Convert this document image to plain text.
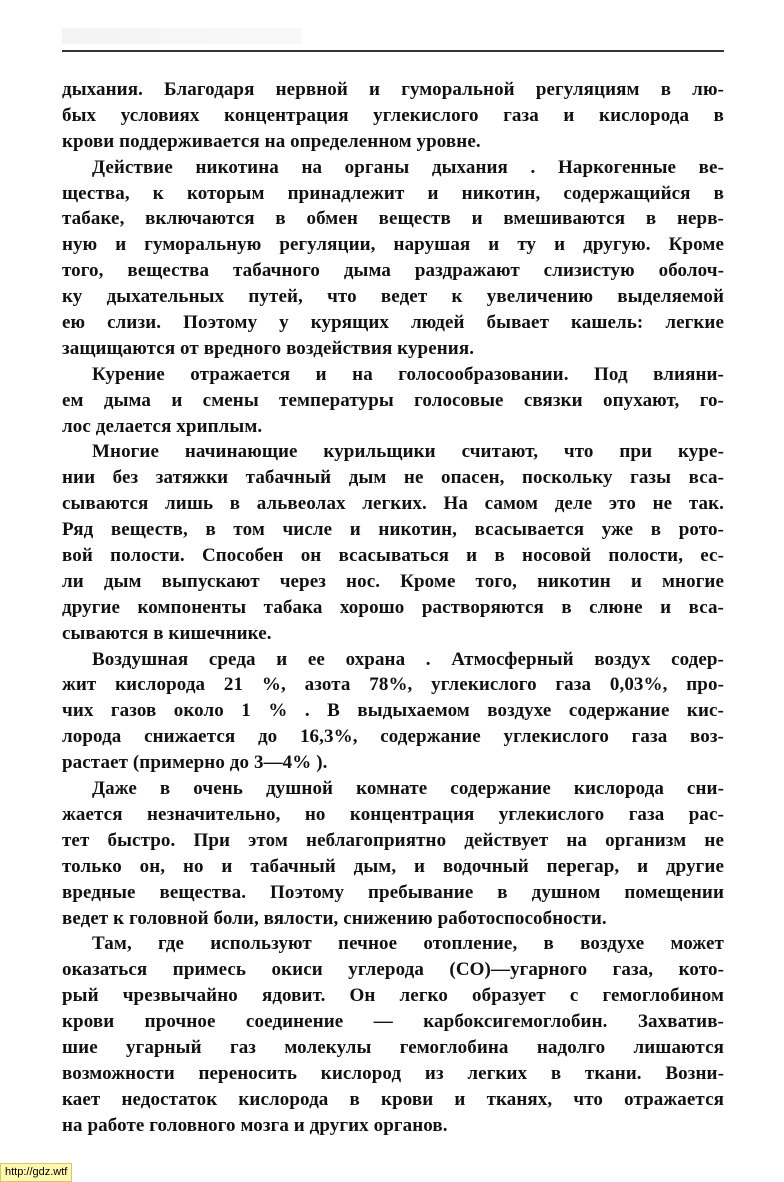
дыхания. Благодаря нервной и гуморальной регуляциям в лю-
бых условиях концентрация углекислого газа и кислорода в
крови поддерживается на определенном уровне.
Действие никотина на органы дыхания . Наркогенные ве-
щества, к которым принадлежит и никотин, содержащийся в
табаке, включаются в обмен веществ и вмешиваются в нерв-
ную и гуморальную регуляции, нарушая и ту и другую. Кроме
того, вещества табачного дыма раздражают слизистую оболоч-
ку дыхательных путей, что ведет к увеличению выделяемой
ею слизи. Поэтому у курящих людей бывает кашель: легкие
защищаются от вредного воздействия курения.
Курение отражается и на голосообразовании. Под влияни-
ем дыма и смены температуры голосовые связки опухают, го-
лос делается хриплым.
Многие начинающие курильщики считают, что при куре-
нии без затяжки табачный дым не опасен, поскольку газы вса-
сываются лишь в альвеолах легких. На самом деле это не так.
Ряд веществ, в том числе и никотин, всасывается уже в рото-
вой полости. Способен он всасываться и в носовой полости, ес-
ли дым выпускают через нос. Кроме того, никотин и многие
другие компоненты табака хорошо растворяются в слюне и вса-
сываются в кишечнике.
Воздушная среда и ее охрана . Атмосферный воздух содер-
жит кислорода 21 %, азота 78%, углекислого газа 0,03%, про-
чих газов около 1 % . В выдыхаемом воздухе содержание кис-
лорода снижается до 16,3%, содержание углекислого газа воз-
растает (примерно до 3—4% ).
Даже в очень душной комнате содержание кислорода сни-
жается незначительно, но концентрация углекислого газа рас-
тет быстро. При этом неблагоприятно действует на организм не
только он, но и табачный дым, и водочный перегар, и другие
вредные вещества. Поэтому пребывание в душном помещении
ведет к головной боли, вялости, снижению работоспособности.
Там, где используют печное отопление, в воздухе может
оказаться примесь окиси углерода (СО)—угарного газа, кото-
рый чрезвычайно ядовит. Он легко образует с гемоглобином
крови прочное соединение — карбоксигемоглобин. Захватив-
шие угарный газ молекулы гемоглобина надолго лишаются
возможности переносить кислород из легких в ткани. Возни-
кает недостаток кислорода в крови и тканях, что отражается
на работе головного мозга и других органов.
http://gdz.wtf
